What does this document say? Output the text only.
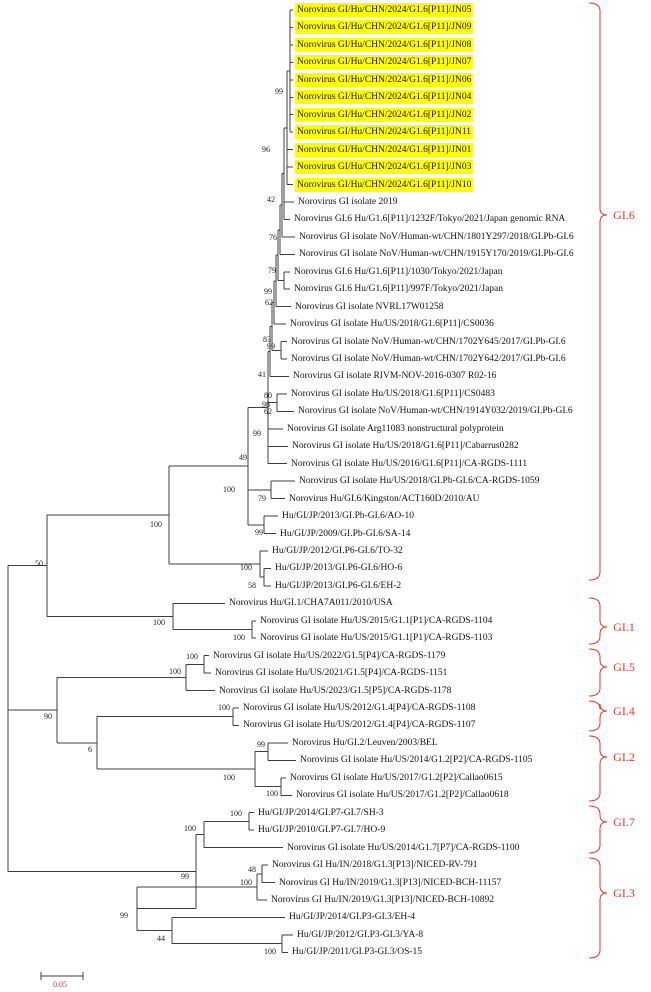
99
96
42
76
79
99
62
99
83
41
80
99
98
49
79
99
100
58
100
100
100
100
50
100
100
100
99
100
100
6
90
100
100
48
100
100
44
99
99
62
GI.6
GI.1
GI.5
GI.4
GI.2
GI.7
GI.3
Norovirus GI/Hu/CHN/2024/G1.6[P11]/JN05
Norovirus GI/Hu/CHN/2024/G1.6[P11]/JN09
Norovirus GI/Hu/CHN/2024/G1.6[P11]/JN08
Norovirus GI/Hu/CHN/2024/G1.6[P11]/JN07
Norovirus GI/Hu/CHN/2024/G1.6[P11]/JN06
Norovirus GI/Hu/CHN/2024/G1.6[P11]/JN04
Norovirus GI/Hu/CHN/2024/G1.6[P11]/JN02
Norovirus GI/Hu/CHN/2024/G1.6[P11]/JN11
Norovirus GI/Hu/CHN/2024/G1.6[P11]/JN01
Norovirus GI/Hu/CHN/2024/G1.6[P11]/JN03
Norovirus GI/Hu/CHN/2024/G1.6[P11]/JN10
Norovirus GI isolate 2019
Norovirus GI.6 Hu/G1.6[P11]/1232F/Tokyo/2021/Japan genomic RNA
Norovirus GI isolate NoV/Human-wt/CHN/1801Y297/2018/GI.Pb-GI.6
Norovirus GI isolate NoV/Human-wt/CHN/1915Y170/2019/GI.Pb-GI.6
Norovirus GI.6 Hu/G1.6[P11]/1030/Tokyo/2021/Japan
Norovirus GI.6 Hu/G1.6[P11]/997F/Tokyo/2021/Japan
Norovirus GI isolate NVRL17W01258
Norovirus GI isolate Hu/US/2018/G1.6[P11]/CS0036
Norovirus GI isolate NoV/Human-wt/CHN/1702Y645/2017/GI.Pb-GI.6
Norovirus GI isolate NoV/Human-wt/CHN/1702Y642/2017/GI.Pb-GI.6
Norovirus GI isolate RIVM-NOV-2016-0307 R02-16
Norovirus GI isolate Hu/US/2018/G1.6[P11]/CS0483
Norovirus GI isolate NoV/Human-wt/CHN/1914Y032/2019/GI.Pb-GI.6
Norovirus GI isolate Arg11083 nonstructural polyprotein
Norovirus GI isolate Hu/US/2018/G1.6[P11]/Cabarrus0282
Norovirus GI isolate Hu/US/2016/G1.6[P11]/CA-RGDS-1111
Norovirus GI isolate Hu/US/2018/GI.Pb-GI.6/CA-RGDS-1059
Norovirus Hu/GI.6/Kingston/ACT160D/2010/AU
Hu/GI/JP/2013/GI.Pb-GI.6/AO-10
Hu/GI/JP/2009/GI.Pb-GI.6/SA-14
Hu/GI/JP/2012/GI.P6-GI.6/TO-32
Hu/GI/JP/2013/GI.P6-GI.6/HO-6
Hu/GI/JP/2013/GI.P6-GI.6/EH-2
Norovirus Hu/GI.1/CHA7A011/2010/USA
Norovirus GI isolate Hu/US/2015/G1.1[P1]/CA-RGDS-1104
Norovirus GI isolate Hu/US/2015/G1.1[P1]/CA-RGDS-1103
Norovirus GI isolate Hu/US/2022/G1.5[P4]/CA-RGDS-1179
Norovirus GI isolate Hu/US/2021/G1.5[P4]/CA-RGDS-1151
Norovirus GI isolate Hu/US/2023/G1.5[P5]/CA-RGDS-1178
Norovirus GI isolate Hu/US/2012/G1.4[P4]/CA-RGDS-1108
Norovirus GI isolate Hu/US/2012/G1.4[P4]/CA-RGDS-1107
Norovirus Hu/GI.2/Leuven/2003/BEL
Norovirus GI isolate Hu/US/2014/G1.2[P2]/CA-RGDS-1105
Norovirus GI isolate Hu/US/2017/G1.2[P2]/Callao0615
Norovirus GI isolate Hu/US/2017/G1.2[P2]/Callao0618
Hu/GI/JP/2014/GI.P7-GI.7/SH-3
Hu/GI/JP/2010/GI.P7-GI.7/HO-9
Norovirus GI isolate Hu/US/2014/G1.7[P7]/CA-RGDS-1100
Norovirus GI Hu/IN/2018/G1.3[P13]/NICED-RV-791
Norovirus GI Hu/IN/2019/G1.3[P13]/NICED-BCH-11157
Norovirus GI Hu/IN/2019/G1.3[P13]/NICED-BCH-10892
Hu/GI/JP/2014/GI.P3-GI.3/EH-4
Hu/GI/JP/2012/GI.P3-GI.3/YA-8
Hu/GI/JP/2011/GI.P3-GI.3/OS-15
0.05
